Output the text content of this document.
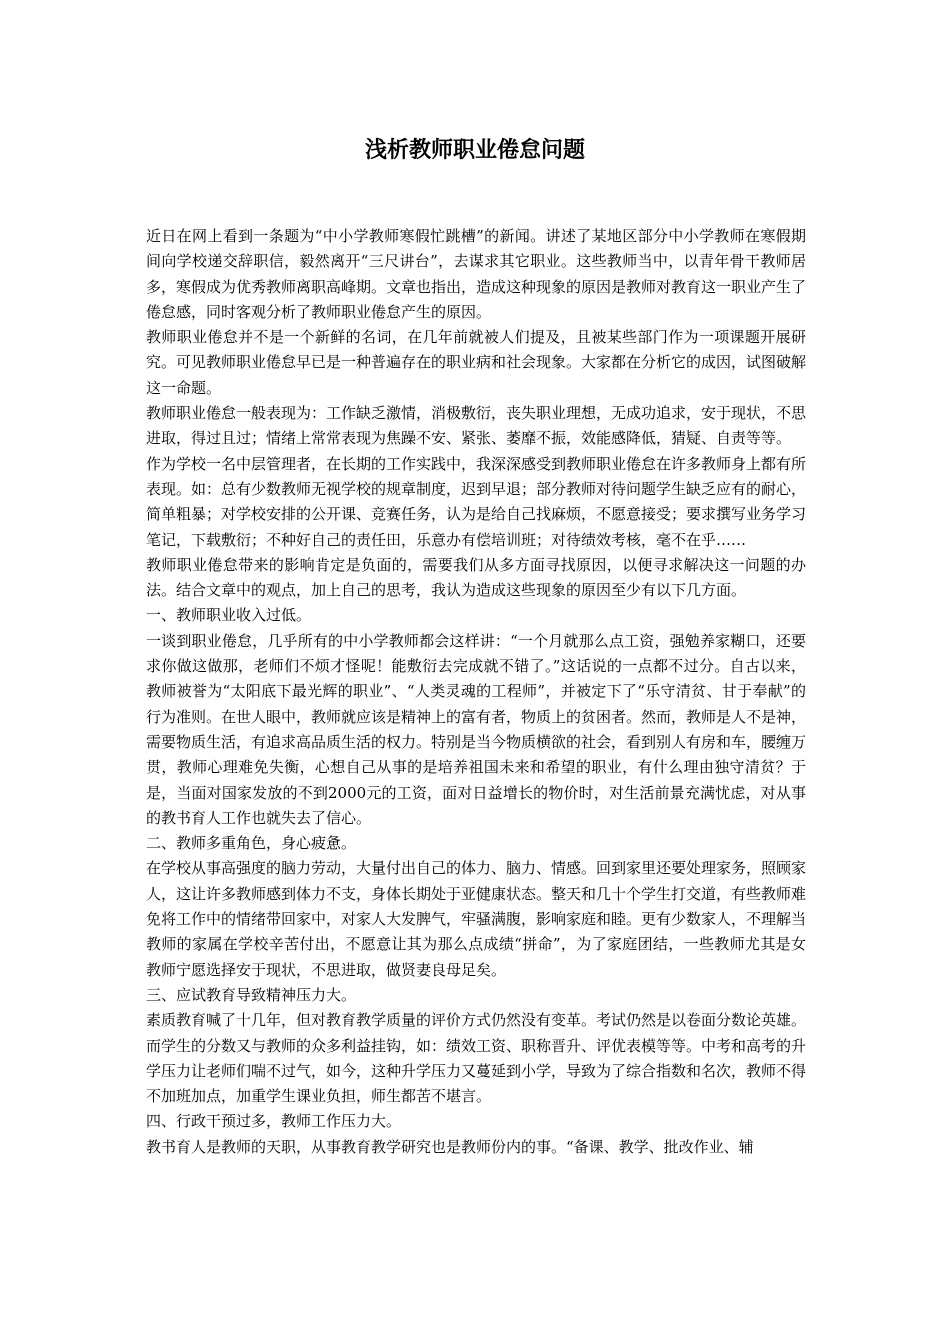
浅析教师职业倦怠问题

近日在网上看到一条题为“中小学教师寒假忙跳槽”的新闻。讲述了某地区部分中小学教师在寒假期间向学校递交辞职信，毅然离开“三尺讲台”，去谋求其它职业。这些教师当中，以青年骨干教师居多，寒假成为优秀教师离职高峰期。文章也指出，造成这种现象的原因是教师对教育这一职业产生了倦怠感，同时客观分析了教师职业倦怠产生的原因。

教师职业倦怠并不是一个新鲜的名词，在几年前就被人们提及，且被某些部门作为一项课题开展研究。可见教师职业倦怠早已是一种普遍存在的职业病和社会现象。大家都在分析它的成因，试图破解这一命题。

教师职业倦怠一般表现为：工作缺乏激情，消极敷衍，丧失职业理想，无成功追求，安于现状，不思进取，得过且过；情绪上常常表现为焦躁不安、紧张、萎靡不振，效能感降低，猜疑、自责等等。

作为学校一名中层管理者，在长期的工作实践中，我深深感受到教师职业倦怠在许多教师身上都有所表现。如：总有少数教师无视学校的规章制度，迟到早退；部分教师对待问题学生缺乏应有的耐心，简单粗暴；对学校安排的公开课、竞赛任务，认为是给自己找麻烦，不愿意接受；要求撰写业务学习笔记，下载敷衍；不种好自己的责任田，乐意办有偿培训班；对待绩效考核，毫不在乎……

教师职业倦怠带来的影响肯定是负面的，需要我们从多方面寻找原因，以便寻求解决这一问题的办法。结合文章中的观点，加上自己的思考，我认为造成这些现象的原因至少有以下几方面。

一、教师职业收入过低。

一谈到职业倦怠，几乎所有的中小学教师都会这样讲：“一个月就那么点工资，强勉养家糊口，还要求你做这做那，老师们不烦才怪呢！能敷衍去完成就不错了。”这话说的一点都不过分。自古以来，教师被誉为“太阳底下最光辉的职业”、“人类灵魂的工程师”，并被定下了“乐守清贫、甘于奉献”的行为准则。在世人眼中，教师就应该是精神上的富有者，物质上的贫困者。然而，教师是人不是神，需要物质生活，有追求高品质生活的权力。特别是当今物质横欲的社会，看到别人有房和车，腰缠万贯，教师心理难免失衡，心想自己从事的是培养祖国未来和希望的职业，有什么理由独守清贫？于是，当面对国家发放的不到2000元的工资，面对日益增长的物价时，对生活前景充满忧虑，对从事的教书育人工作也就失去了信心。

二、教师多重角色，身心疲惫。

在学校从事高强度的脑力劳动，大量付出自己的体力、脑力、情感。回到家里还要处理家务，照顾家人，这让许多教师感到体力不支，身体长期处于亚健康状态。整天和几十个学生打交道，有些教师难免将工作中的情绪带回家中，对家人大发脾气，牢骚满腹，影响家庭和睦。更有少数家人，不理解当教师的家属在学校辛苦付出，不愿意让其为那么点成绩“拼命”，为了家庭团结，一些教师尤其是女教师宁愿选择安于现状，不思进取，做贤妻良母足矣。

三、应试教育导致精神压力大。

素质教育喊了十几年，但对教育教学质量的评价方式仍然没有变革。考试仍然是以卷面分数论英雄。而学生的分数又与教师的众多利益挂钩，如：绩效工资、职称晋升、评优表模等等。中考和高考的升学压力让老师们喘不过气，如今，这种升学压力又蔓延到小学，导致为了综合指数和名次，教师不得不加班加点，加重学生课业负担，师生都苦不堪言。

四、行政干预过多，教师工作压力大。

教书育人是教师的天职，从事教育教学研究也是教师份内的事。“备课、教学、批改作业、辅
